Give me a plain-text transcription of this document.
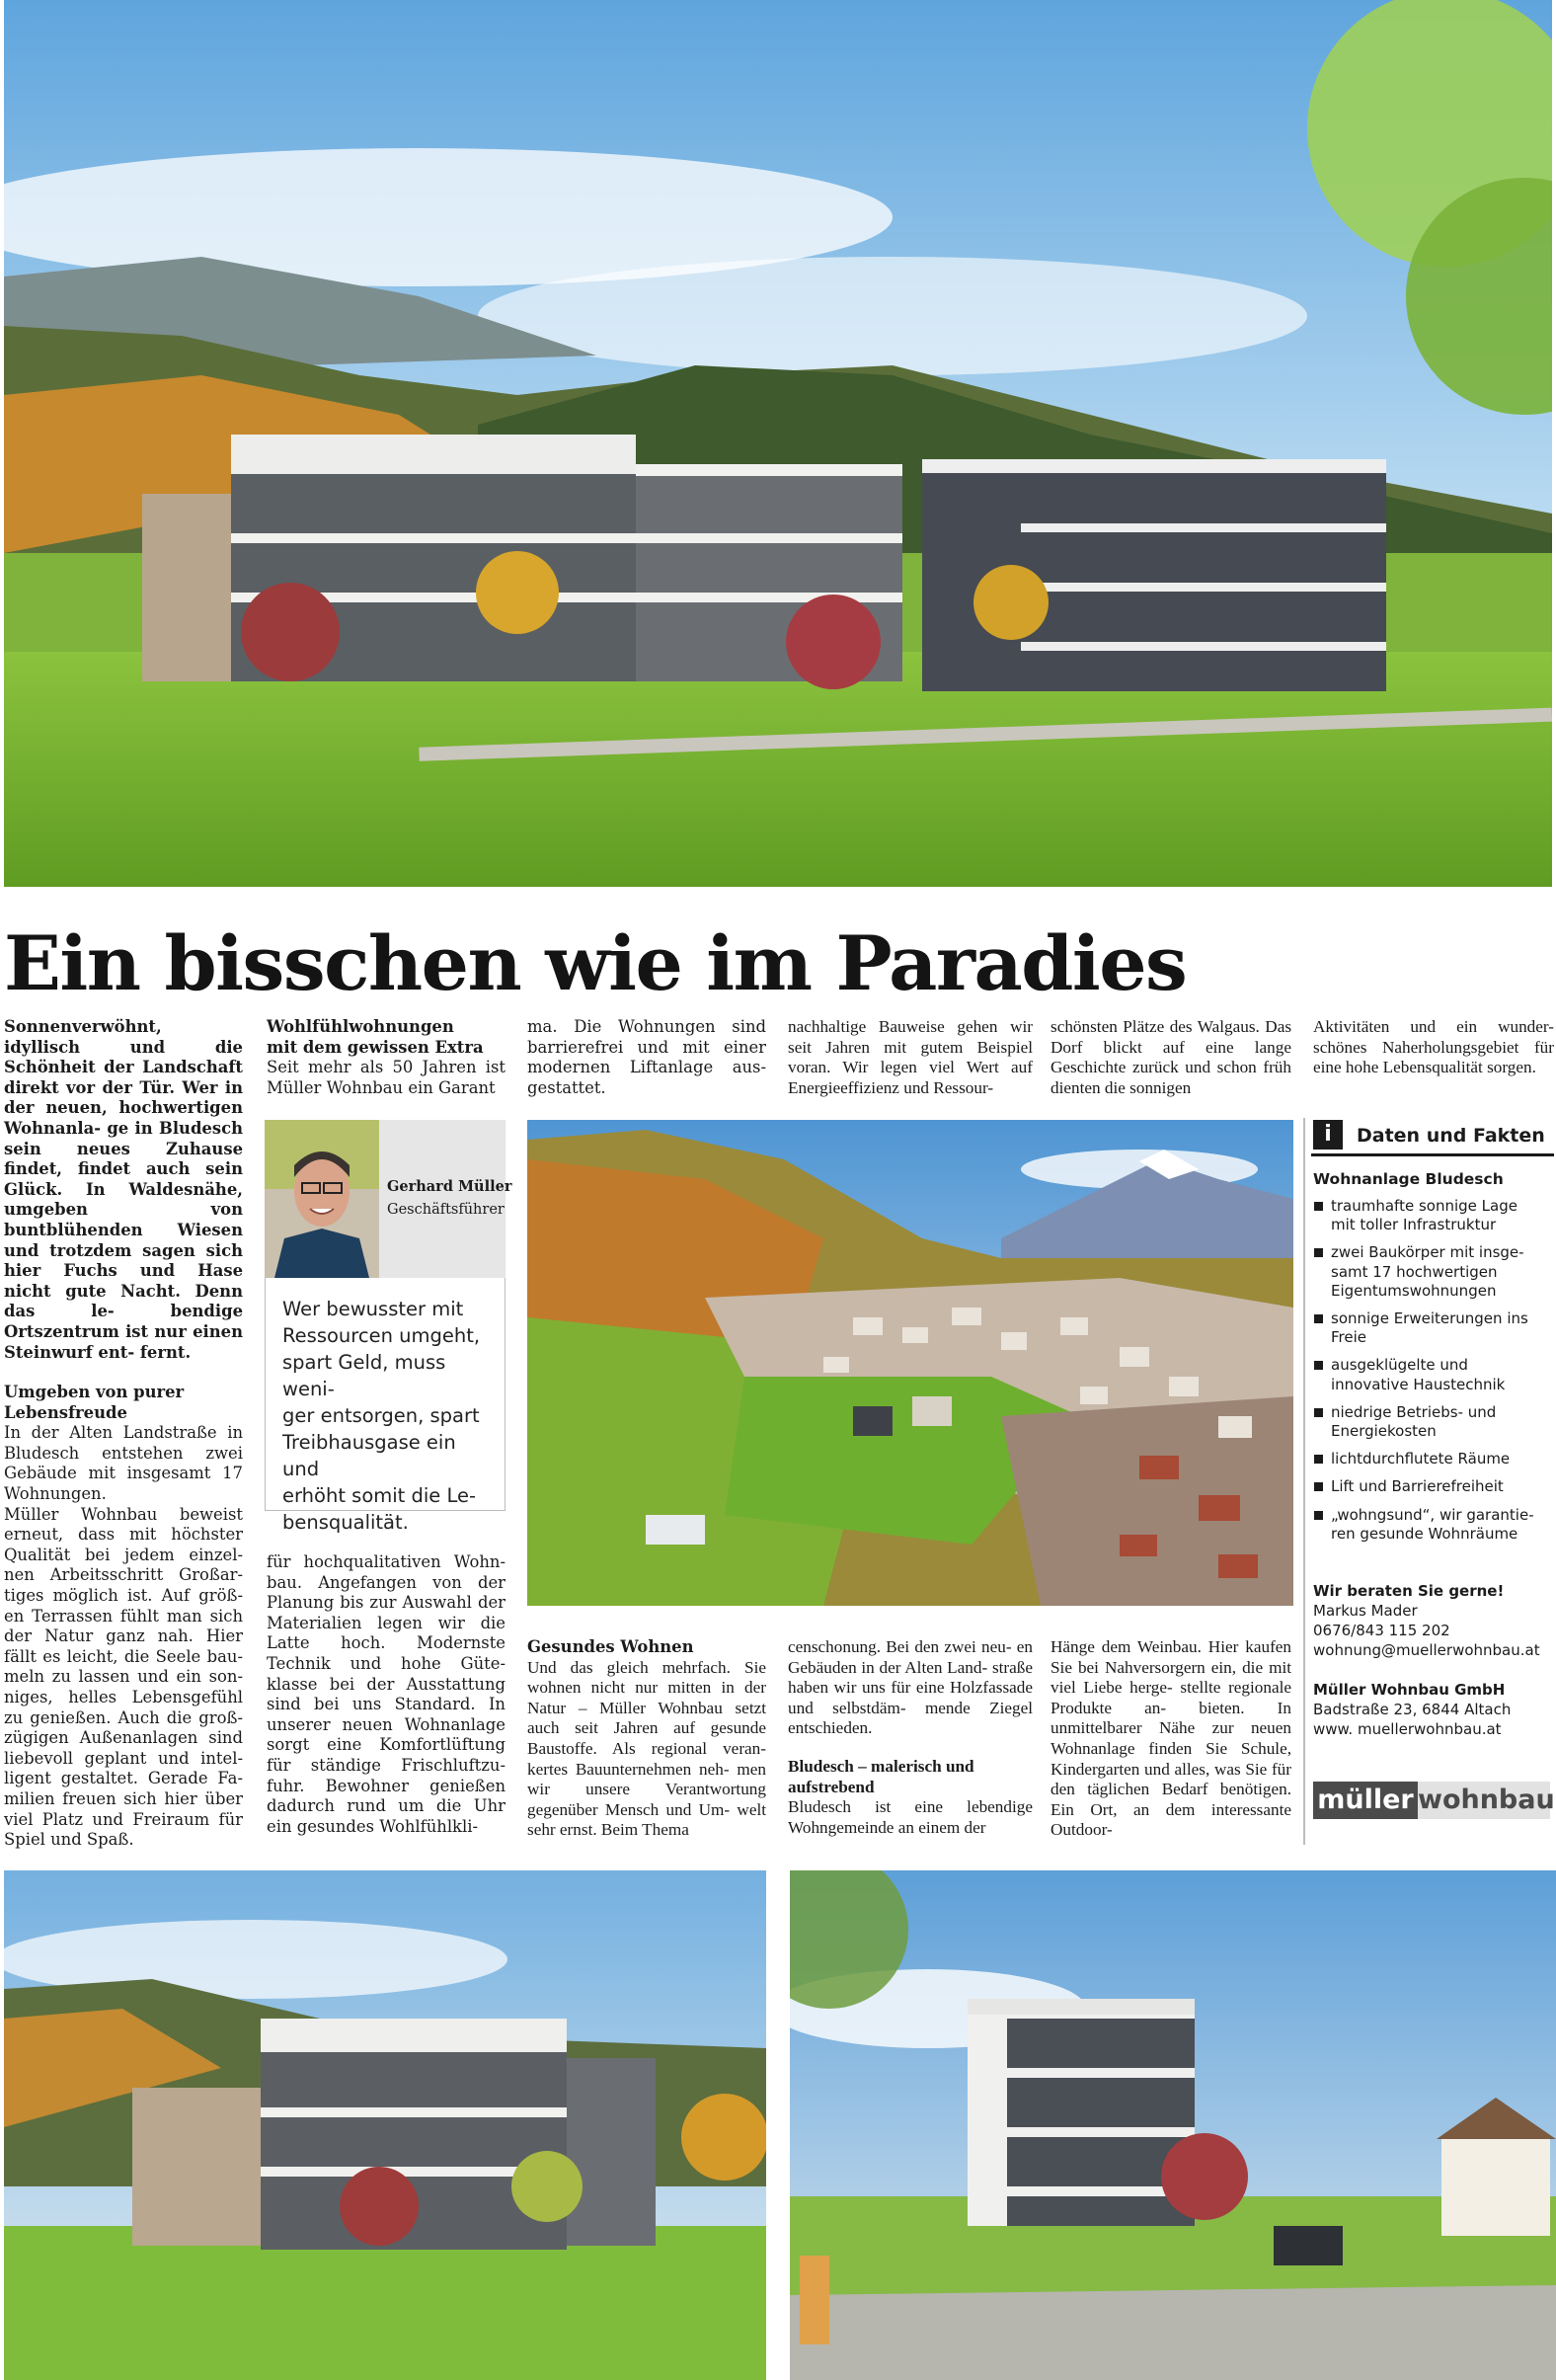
Ein bisschen wie im Paradies

Sonnenverwöhnt, idyllisch	und die Schönheit der Landschaft direkt vor der Tür. Wer in der neuen, hochwertigen Wohnanla- ge in Bludesch sein neues Zuhause findet, findet auch sein Glück. In Waldesnähe, umgeben von buntblühenden Wiesen und trotzdem sagen sich hier Fuchs und Hase nicht gute Nacht. Denn das le-	bendige Ortszentrum ist nur einen Steinwurf ent- fernt.

Umgeben von purer
Lebensfreude

In der Alten Landstraße in Bludesch entstehen zwei Gebäude mit insgesamt 17 Wohnungen.
Müller Wohnbau beweist erneut, dass mit höchster Qualität bei jedem einzel- nen Arbeitsschritt Großar- tiges möglich ist. Auf größ- en Terrassen fühlt man sich der Natur ganz nah. Hier fällt es leicht, die Seele bau- meln zu lassen und ein son- niges, helles Lebensgefühl zu genießen. Auch die groß- zügigen Außenanlagen sind liebevoll geplant und intel- ligent gestaltet. Gerade Fa- milien freuen sich hier über viel Platz und Freiraum für Spiel und Spaß.

Wohlfühlwohnungen
mit dem gewissen Extra

Seit mehr als 50 Jahren ist Müller Wohnbau ein Garant

Gerhard Müller
Geschäftsführer
Wer bewusster mit
Ressourcen umgeht,
spart Geld, muss weni-
ger entsorgen, spart
Treibhausgase ein und
erhöht somit die Le-
bensqualität.

für hochqualitativen Wohn- bau. Angefangen von der Planung bis zur Auswahl der Materialien legen wir die Latte hoch. Modernste Technik und hohe Güte- klasse bei der Ausstattung sind bei uns Standard. In unserer neuen Wohnanlage sorgt eine Komfortlüftung für ständige Frischluftzu- fuhr. Bewohner genießen dadurch rund um die Uhr ein gesundes Wohlfühlkli-

ma. Die Wohnungen sind barrierefrei und mit einer modernen Liftanlage aus- gestattet.

Gesundes Wohnen

Und das gleich mehrfach. Sie wohnen nicht nur mitten in der Natur – Müller Wohnbau setzt auch seit Jahren auf gesunde Baustoffe. Als regional veran- kertes Bauunternehmen neh- men wir unsere Verantwortung gegenüber Mensch und Um- welt sehr ernst. Beim Thema

nachhaltige Bauweise gehen wir seit Jahren mit gutem Beispiel voran. Wir legen viel Wert auf Energieeffizienz und Ressour-

censchonung. Bei den zwei neu- en Gebäuden in der Alten Land- straße haben wir uns für eine Holzfassade und selbstdäm- mende Ziegel entschieden.

Bludesch – malerisch und
aufstrebend

Bludesch ist eine lebendige Wohngemeinde an einem der

schönsten Plätze des Walgaus. Das Dorf blickt auf eine lange Geschichte zurück und schon früh dienten die sonnigen

Hänge dem Weinbau. Hier kaufen Sie bei Nahversorgern ein, die mit viel Liebe herge- stellte regionale Produkte an- bieten. In unmittelbarer Nähe zur neuen Wohnanlage finden Sie Schule, Kindergarten und alles, was Sie für den täglichen Bedarf benötigen. Ein Ort, an dem interessante Outdoor-

Aktivitäten und ein wunder- schönes Naherholungsgebiet für eine hohe Lebensqualität sorgen.

i	Daten und Fakten
Wohnanlage Bludesch
traumhafte sonnige Lage
mit toller Infrastruktur
zwei Baukörper mit insge-
samt 17 hochwertigen
Eigentumswohnungen
sonnige Erweiterungen ins
Freie
ausgeklügelte und
innovative Haustechnik
niedrige Betriebs- und
Energiekosten
lichtdurchflutete Räume
Lift und Barrierefreiheit
„wohngsund“, wir garantie-
ren gesunde Wohnräume
Wir beraten Sie gerne!
Markus Mader
0676/843 115 202
wohnung@muellerwohnbau.at
Müller Wohnbau GmbH
Badstraße 23, 6844 Altach
www. muellerwohnbau.at
müller wohnbau
